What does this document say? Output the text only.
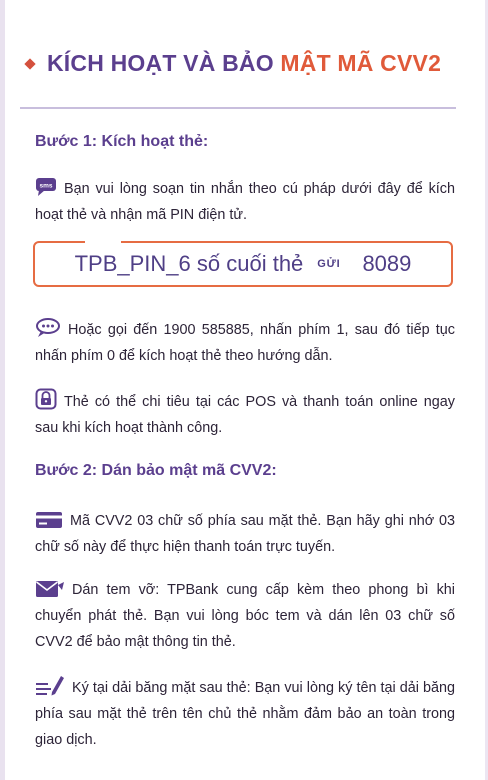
KÍCH HOẠT VÀ BẢO MẬT MÃ CVV2
Bước 1: Kích hoạt thẻ:
sms Bạn vui lòng soạn tin nhắn theo cú pháp dưới đây để kích hoạt thẻ và nhận mã PIN điện tử.
TPB_PIN_6 số cuối thẻ GỬI 8089
Hoặc gọi đến 1900 585885, nhấn phím 1, sau đó tiếp tục nhấn phím 0 để kích hoạt thẻ theo hướng dẫn.
Thẻ có thể chi tiêu tại các POS và thanh toán online ngay sau khi kích hoạt thành công.
Bước 2: Dán bảo mật mã CVV2:
Mã CVV2 03 chữ số phía sau mặt thẻ. Bạn hãy ghi nhớ 03 chữ số này để thực hiện thanh toán trực tuyến.
Dán tem vỡ: TPBank cung cấp kèm theo phong bì khi chuyển phát thẻ. Bạn vui lòng bóc tem và dán lên 03 chữ số CVV2 để bảo mật thông tin thẻ.
Ký tại dải băng mặt sau thẻ: Bạn vui lòng ký tên tại dải băng phía sau mặt thẻ trên tên chủ thẻ nhằm đảm bảo an toàn trong giao dịch.
